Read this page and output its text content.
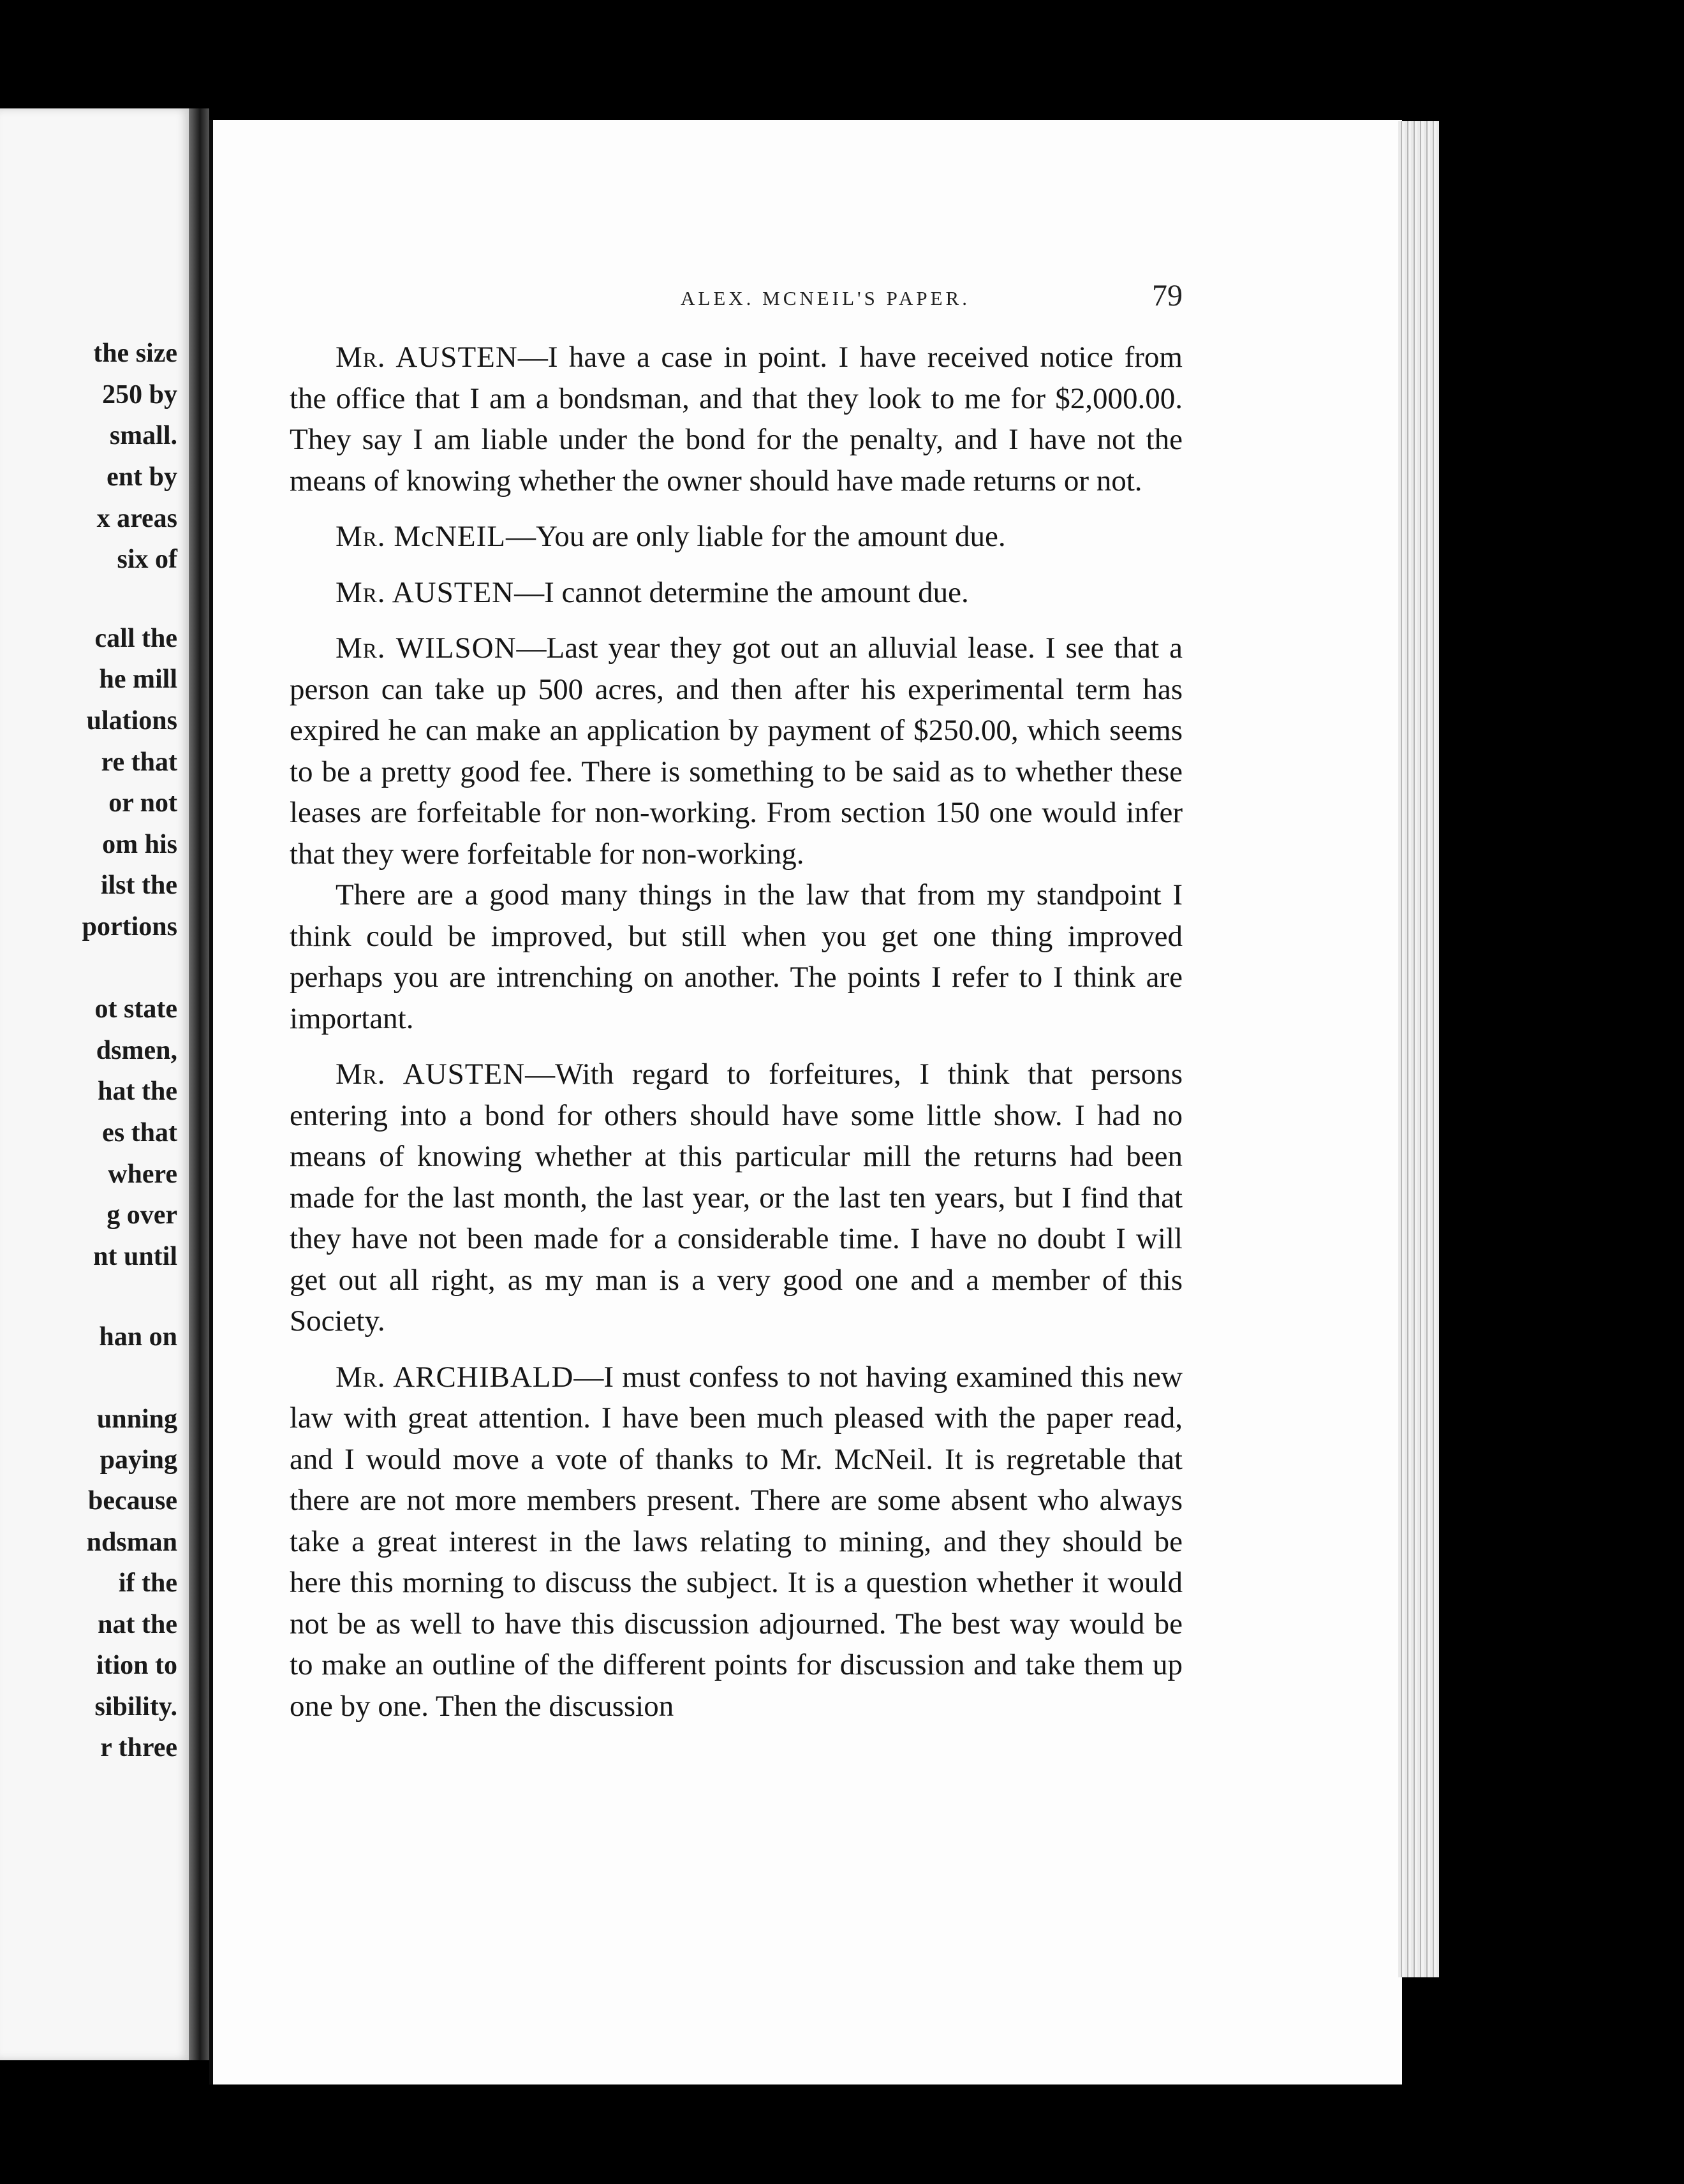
the size
250 by
small.
ent by
x areas
six of
call the
he mill
ulations
re that
or not
om his
ilst the
portions
ot state
dsmen,
hat the
es that
where
g over
nt until
han on
unning
paying
because
ndsman
if the
nat the
ition to
sibility.
r three
ALEX. MCNEIL'S PAPER.	79

Mr. AUSTEN—I have a case in point. I have received notice from the office that I am a bondsman, and that they look to me for $2,000.00. They say I am liable under the bond for the penalty, and I have not the means of knowing whether the owner should have made returns or not.

Mr. McNEIL—You are only liable for the amount due.

Mr. AUSTEN—I cannot determine the amount due.

Mr. WILSON—Last year they got out an alluvial lease. I see that a person can take up 500 acres, and then after his experimental term has expired he can make an application by payment of $250.00, which seems to be a pretty good fee. There is something to be said as to whether these leases are forfeitable for non-working. From section 150 one would infer that they were forfeitable for non-working.

There are a good many things in the law that from my standpoint I think could be improved, but still when you get one thing improved perhaps you are intrenching on another. The points I refer to I think are important.

Mr. AUSTEN—With regard to forfeitures, I think that persons entering into a bond for others should have some little show. I had no means of knowing whether at this particular mill the returns had been made for the last month, the last year, or the last ten years, but I find that they have not been made for a considerable time. I have no doubt I will get out all right, as my man is a very good one and a member of this Society.

Mr. ARCHIBALD—I must confess to not having examined this new law with great attention. I have been much pleased with the paper read, and I would move a vote of thanks to Mr. McNeil. It is regretable that there are not more members present. There are some absent who always take a great interest in the laws relating to mining, and they should be here this morning to discuss the subject. It is a question whether it would not be as well to have this discussion adjourned. The best way would be to make an outline of the different points for discussion and take them up one by one. Then the discussion
